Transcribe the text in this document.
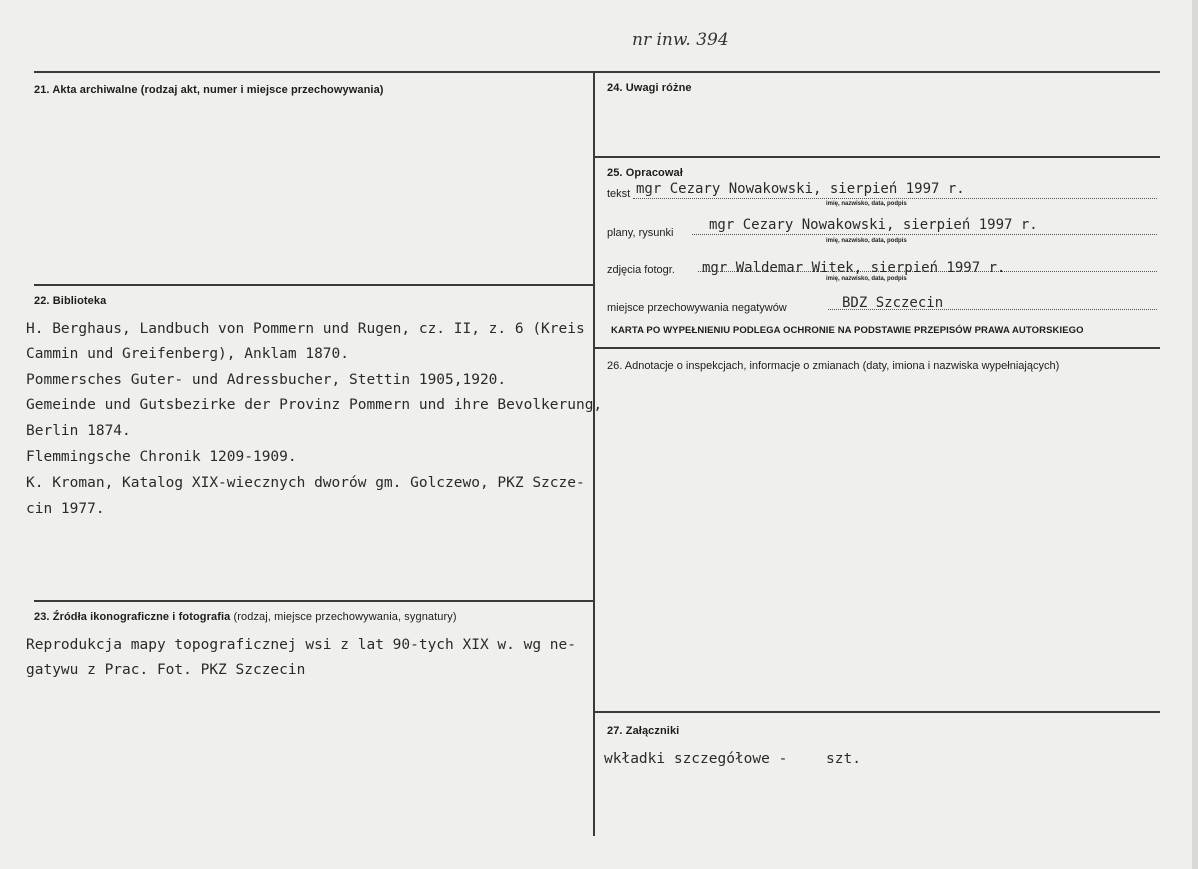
nr inw. 394
21. Akta archiwalne (rodzaj akt, numer i miejsce przechowywania)
22. Biblioteka
H. Berghaus, Landbuch von Pommern und Rugen, cz. II, z. 6 (Kreis
Cammin und Greifenberg), Anklam 1870.
Pommersches Guter- und Adressbucher, Stettin 1905,1920.
Gemeinde und Gutsbezirke der Provinz Pommern und ihre Bevolkerung,
Berlin 1874.
Flemmingsche Chronik 1209-1909.
K. Kroman, Katalog XIX-wiecznych dworów gm. Golczewo, PKZ Szcze-
cin 1977.
23. Źródła ikonograficzne i fotografia (rodzaj, miejsce przechowywania, sygnatury)
Reprodukcja mapy topograficznej wsi z lat 90-tych XIX w. wg ne-
gatywu z Prac. Fot. PKZ Szczecin
24. Uwagi różne
25. Opracował
tekst mgr Cezary Nowakowski, sierpień 1997 r.
imię, nazwisko, data, podpis
plany, rysunki	mgr Cezary Nowakowski, sierpień 1997 r.
imię, nazwisko, data, podpis
zdjęcia fotogr. mgr Waldemar Witek, sierpień 1997 r.
imię, nazwisko, data, podpis
miejsce przechowywania negatywów	BDZ Szczecin
KARTA PO WYPEŁNIENIU PODLEGA OCHRONIE NA PODSTAWIE PRZEPISÓW PRAWA AUTORSKIEGO
26. Adnotacje o inspekcjach, informacje o zmianach (daty, imiona i nazwiska wypełniających)
27. Załączniki
wkładki szczegółowe -	szt.
